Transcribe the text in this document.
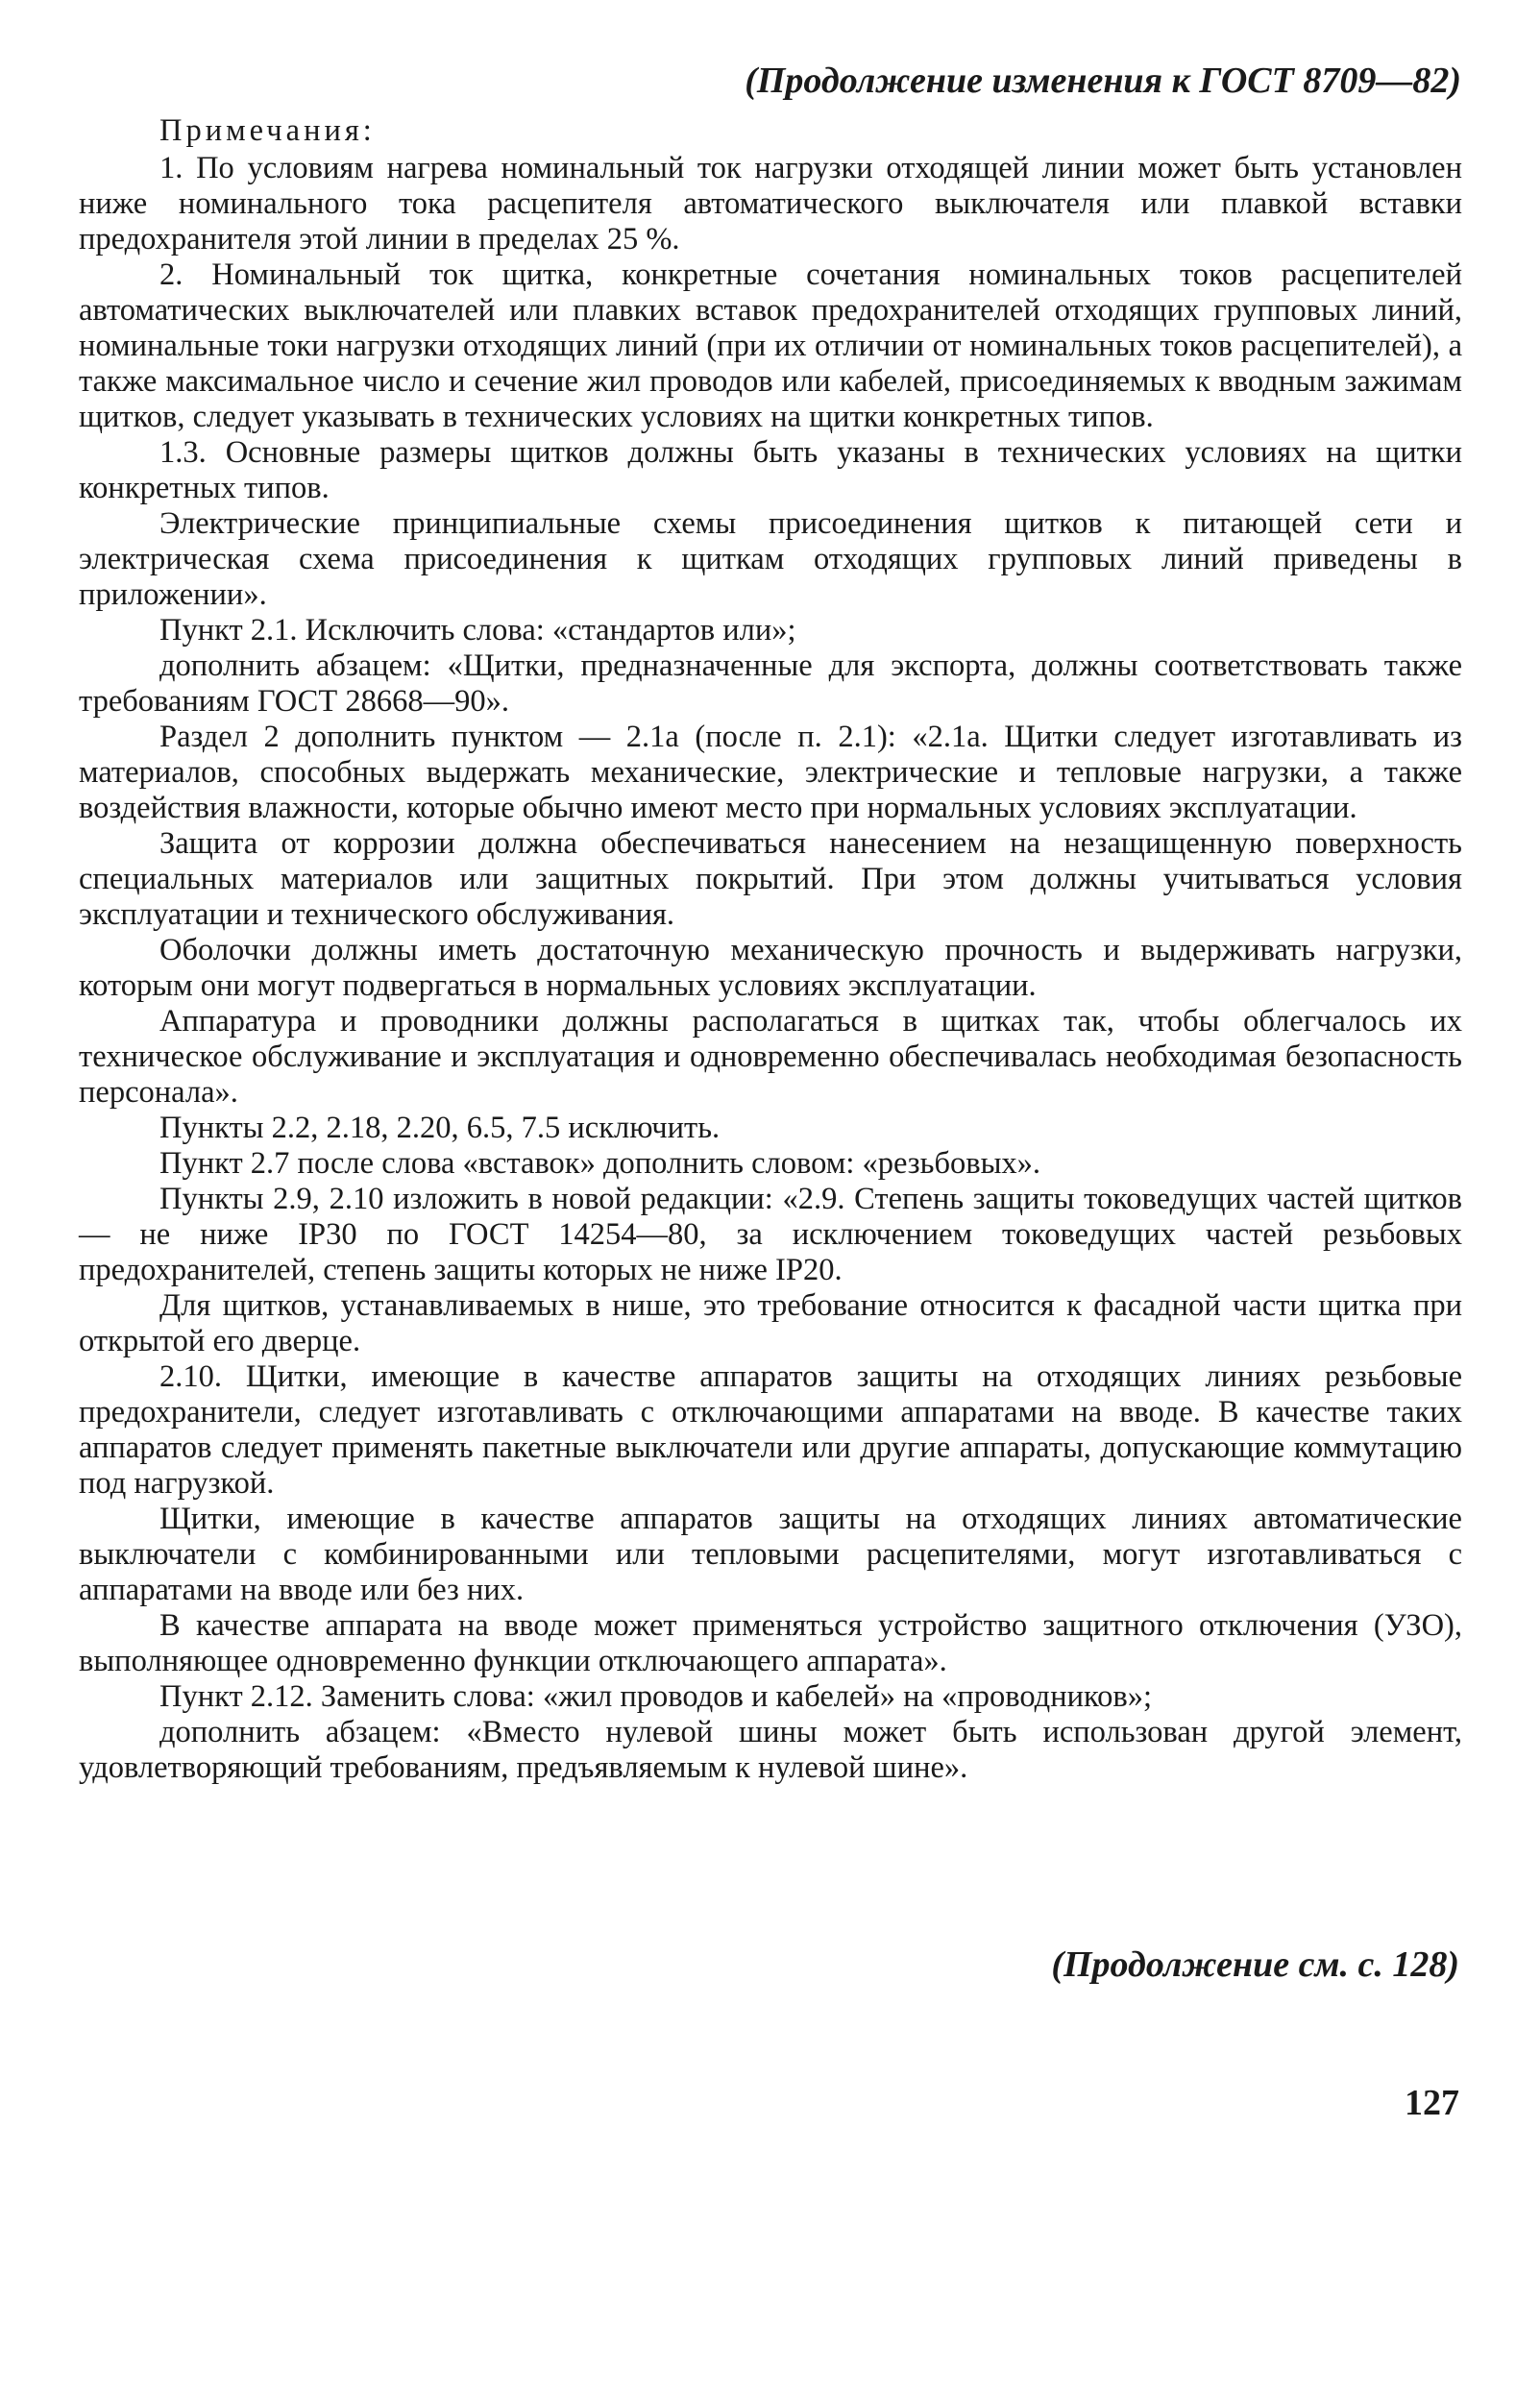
(Продолжение изменения к ГОСТ 8709—82)

Примечания:

1. По условиям нагрева номинальный ток нагрузки отходящей линии может быть установлен ниже номинального тока расцепителя автоматического выключателя или плавкой вставки предохранителя этой линии в пределах 25 %.

2. Номинальный ток щитка, конкретные сочетания номинальных токов расцепителей автоматических выключателей или плавких вставок предохранителей отходящих групповых линий, номинальные токи нагрузки отходящих линий (при их отличии от номинальных токов расцепителей), а также максимальное число и сечение жил проводов или кабелей, присоединяемых к вводным зажимам щитков, следует указывать в технических условиях на щитки конкретных типов.

1.3. Основные размеры щитков должны быть указаны в технических условиях на щитки конкретных типов.

Электрические принципиальные схемы присоединения щитков к питающей сети и электрическая схема присоединения к щиткам отходящих групповых линий приведены в приложении».

Пункт 2.1. Исключить слова: «стандартов или»;

дополнить абзацем: «Щитки, предназначенные для экспорта, должны соответствовать также требованиям ГОСТ 28668—90».

Раздел 2 дополнить пунктом — 2.1а (после п. 2.1): «2.1а. Щитки следует изготавливать из материалов, способных выдержать механические, электрические и тепловые нагрузки, а также воздействия влажности, которые обычно имеют место при нормальных условиях эксплуатации.

Защита от коррозии должна обеспечиваться нанесением на незащищенную поверхность специальных материалов или защитных покрытий. При этом должны учитываться условия эксплуатации и технического обслуживания.

Оболочки должны иметь достаточную механическую прочность и выдерживать нагрузки, которым они могут подвергаться в нормальных условиях эксплуатации.

Аппаратура и проводники должны располагаться в щитках так, чтобы облегчалось их техническое обслуживание и эксплуатация и одновременно обеспечивалась необходимая безопасность персонала».

Пункты 2.2, 2.18, 2.20, 6.5, 7.5 исключить.

Пункт 2.7 после слова «вставок» дополнить словом: «резьбовых».

Пункты 2.9, 2.10 изложить в новой редакции: «2.9. Степень защиты токоведущих частей щитков — не ниже IP30 по ГОСТ 14254—80, за исключением токоведущих частей резьбовых предохранителей, степень защиты которых не ниже IP20.

Для щитков, устанавливаемых в нише, это требование относится к фасадной части щитка при открытой его дверце.

2.10. Щитки, имеющие в качестве аппаратов защиты на отходящих линиях резьбовые предохранители, следует изготавливать с отключающими аппаратами на вводе. В качестве таких аппаратов следует применять пакетные выключатели или другие аппараты, допускающие коммутацию под нагрузкой.

Щитки, имеющие в качестве аппаратов защиты на отходящих линиях автоматические выключатели с комбинированными или тепловыми расцепителями, могут изготавливаться с аппаратами на вводе или без них.

В качестве аппарата на вводе может применяться устройство защитного отключения (УЗО), выполняющее одновременно функции отключающего аппарата».

Пункт 2.12. Заменить слова: «жил проводов и кабелей» на «проводников»;

дополнить абзацем: «Вместо нулевой шины может быть использован другой элемент, удовлетворяющий требованиям, предъявляемым к нулевой шине».

(Продолжение см. с. 128)
127
